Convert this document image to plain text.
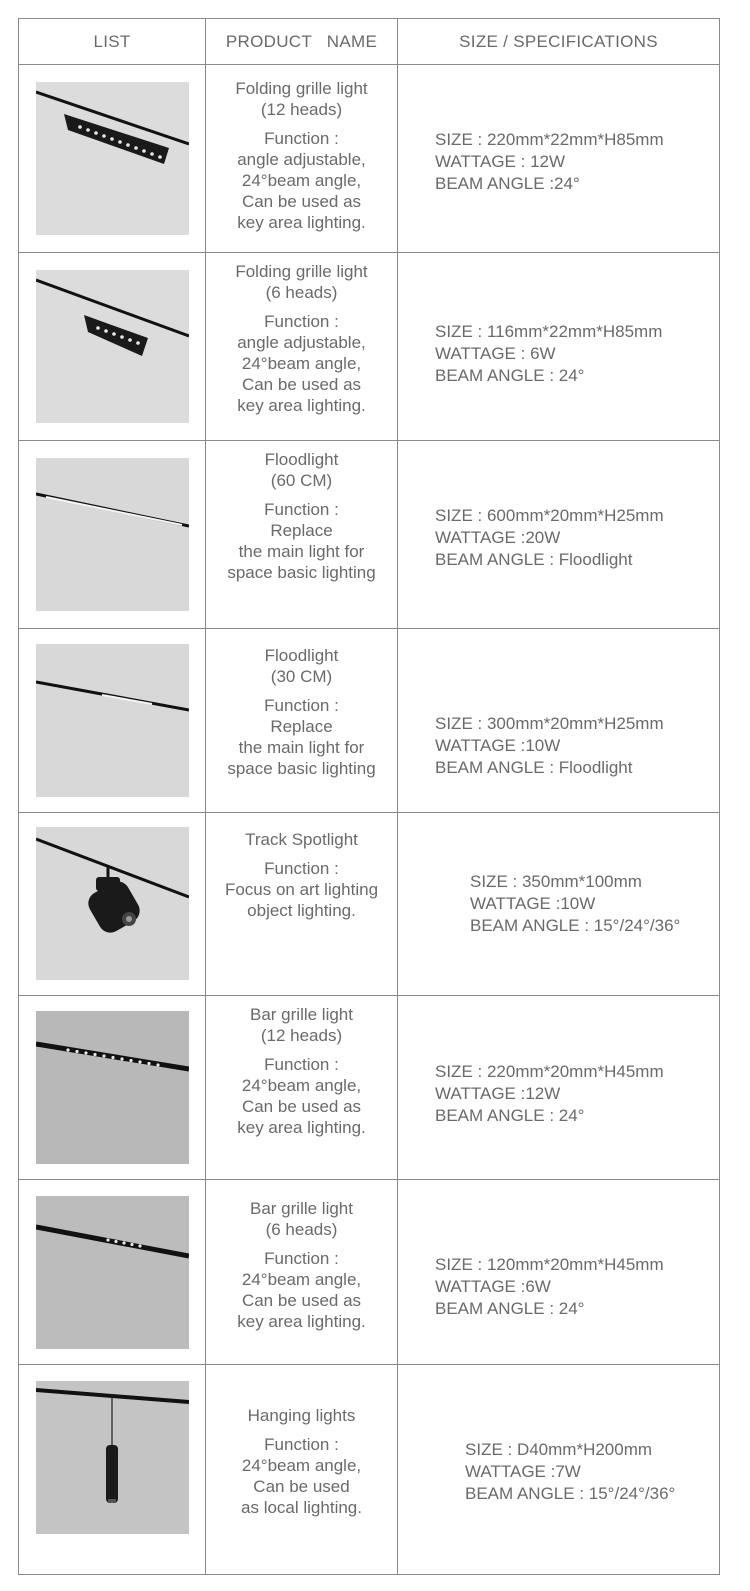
LIST	PRODUCT   NAME	SIZE / SPECIFICATIONS
Folding grille light
(12 heads)
Function :
angle adjustable,
24°beam angle,
Can be used as
key area lighting.
SIZE : 220mm*22mm*H85mm
WATTAGE : 12W
BEAM ANGLE :24°
Folding grille light
(6 heads)
Function :
angle adjustable,
24°beam angle,
Can be used as
key area lighting.
SIZE : 116mm*22mm*H85mm
WATTAGE : 6W
BEAM ANGLE : 24°
Floodlight
(60 CM)
Function :
Replace
the main light for
space basic lighting
SIZE : 600mm*20mm*H25mm
WATTAGE :20W
BEAM ANGLE : Floodlight
Floodlight
(30 CM)
Function :
Replace
the main light for
space basic lighting
SIZE : 300mm*20mm*H25mm
WATTAGE :10W
BEAM ANGLE : Floodlight
Track Spotlight
Function :
Focus on art lighting
object lighting.
SIZE : 350mm*100mm
WATTAGE :10W
BEAM ANGLE : 15°/24°/36°
Bar grille light
(12 heads)
Function :
24°beam angle,
Can be used as
key area lighting.
SIZE : 220mm*20mm*H45mm
WATTAGE :12W
BEAM ANGLE : 24°
Bar grille light
(6 heads)
Function :
24°beam angle,
Can be used as
key area lighting.
SIZE : 120mm*20mm*H45mm
WATTAGE :6W
BEAM ANGLE : 24°
Hanging lights
Function :
24°beam angle,
Can be used
as local lighting.
SIZE : D40mm*H200mm
WATTAGE :7W
BEAM ANGLE : 15°/24°/36°
